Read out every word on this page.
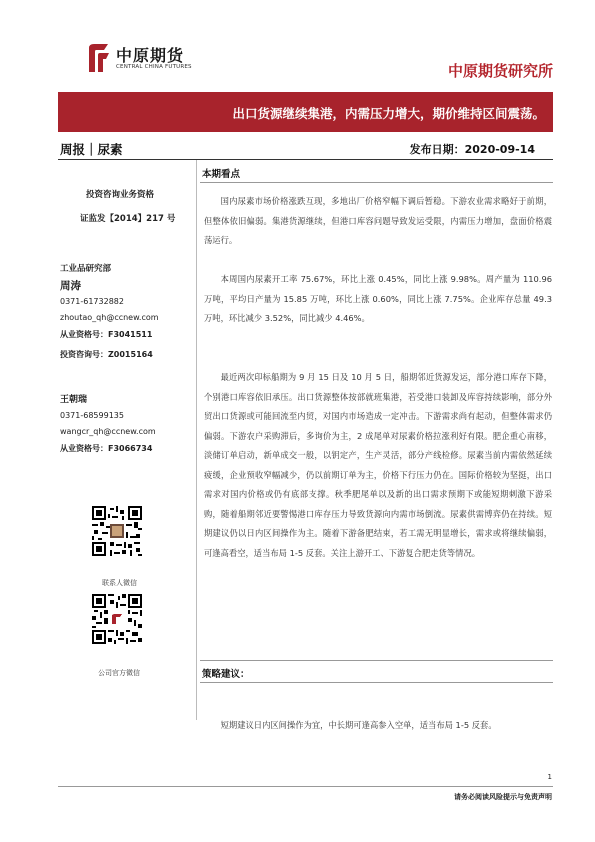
中原期货
CENTRAL CHINA FUTURES	中原期货研究所
出口货源继续集港，内需压力增大，期价维持区间震荡。
周报｜尿素	发布日期：2020-09-14
投资咨询业务资格
证监发【2014】217 号
工业品研究部
周涛
0371-61732882
zhoutao_qh@ccnew.com
从业资格号：F3041511
投资咨询号：Z0015164
王朝瑞
0371-68599135
wangcr_qh@ccnew.com
从业资格号：F3066734
联系人微信
公司官方微信
本期看点

国内尿素市场价格涨跌互现，多地出厂价格窄幅下调后暂稳。下游农业需求略好于前期，但整体依旧偏弱。集港货源继续，但港口库容问题导致发运受限，内需压力增加，盘面价格震荡运行。

本周国内尿素开工率 75.67%，环比上涨 0.45%，同比上涨 9.98%。周产量为 110.96 万吨，平均日产量为 15.85 万吨，环比上涨 0.60%，同比上涨 7.75%。企业库存总量 49.3 万吨，环比减少 3.52%，同比减少 4.46%。

最近两次印标船期为 9 月 15 日及 10 月 5 日，船期邻近货源发运，部分港口库存下降，个别港口库容依旧承压。出口货源整体按部就班集港，若受港口装卸及库容持续影响，部分外贸出口货源或可能回流至内贸，对国内市场造成一定冲击。下游需求尚有起动，但整体需求仍偏弱。下游农户采购滞后，多询价为主，2 成尾单对尿素价格拉涨利好有限。肥企重心南移，淡储订单启动，新单成交一般，以钥定产，生产灵活，部分产线检修。尿素当前内需依然延续疲缓，企业预收窄幅减少，仍以前期订单为主，价格下行压力仍在。国际价格较为坚挺，出口需求对国内价格或仍有底部支撑。秋季肥尾单以及新的出口需求预期下或能短期刺激下游采购，随着船期邻近要警惕港口库存压力导致货源向内需市场倒流。尿素供需博弈仍在持续。短期建议仍以日内区间操作为主。随着下游备肥结束，若工需无明显增长，需求或将继续偏弱，可逢高看空，适当布局 1-5 反套。关注上游开工、下游复合肥走货等情况。

策略建议：

短期建议日内区间操作为宜，中长期可逢高参入空单，适当布局 1-5 反套。

1
请务必阅读风险提示与免责声明
